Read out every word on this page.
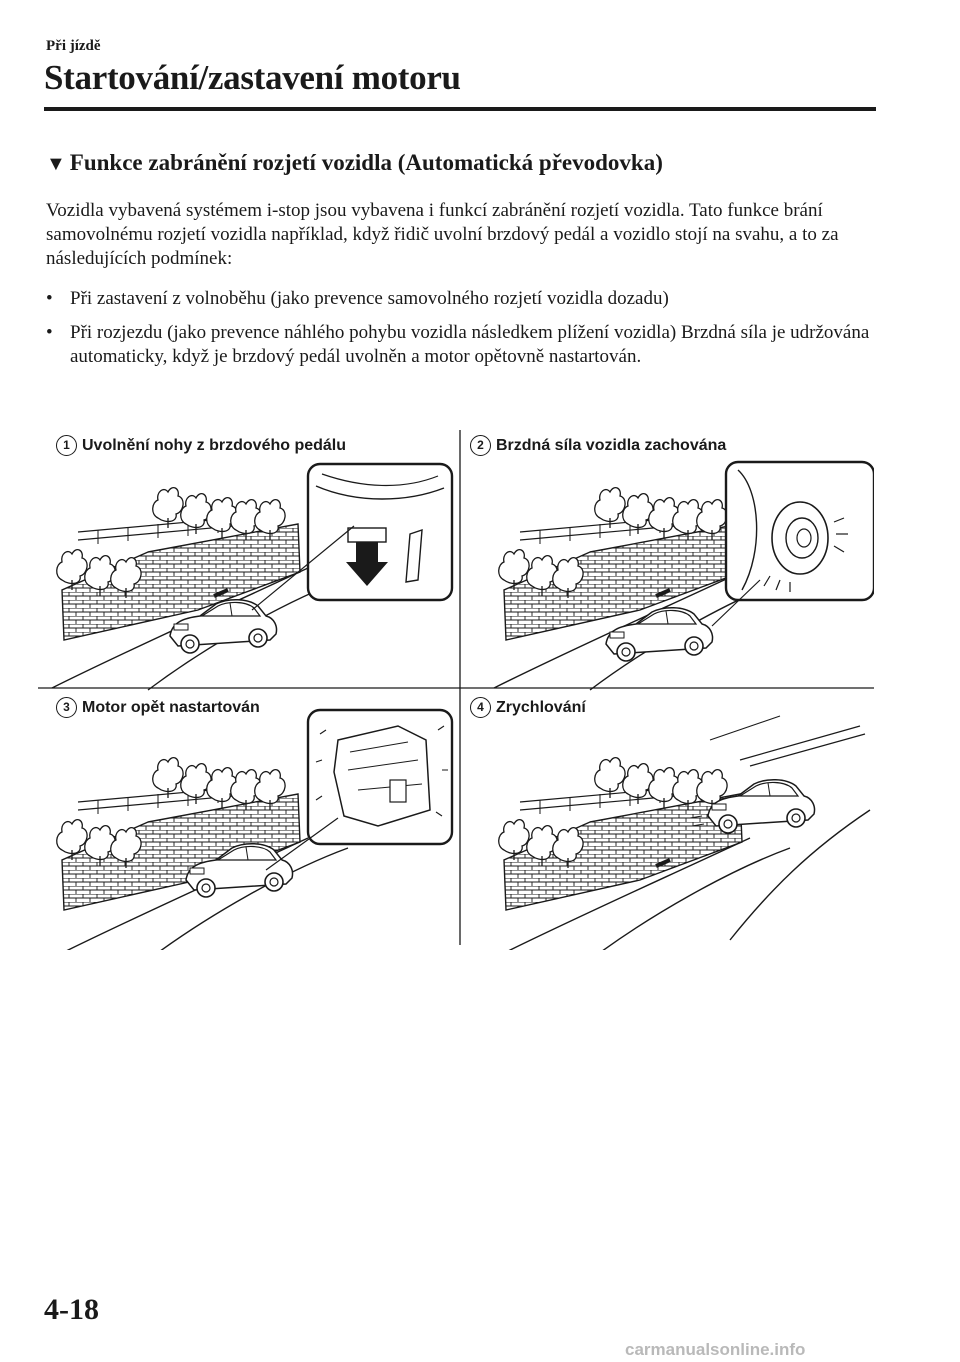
Při jízdě
Startování/zastavení motoru
▼ Funkce zabránění rozjetí vozidla (Automatická převodovka)
Vozidla vybavená systémem i-stop jsou vybavena i funkcí zabránění rozjetí vozidla. Tato funkce brání samovolnému rozjetí vozidla například, když řidič uvolní brzdový pedál a vozidlo stojí na svahu, a to za následujících podmínek:
• Při zastavení z volnoběhu (jako prevence samovolného rozjetí vozidla dozadu)
• Při rozjezdu (jako prevence náhlého pohybu vozidla následkem plížení vozidla) Brzdná síla je udržována automaticky, když je brzdový pedál uvolněn a motor opětovně nastartován.
1 Uvolnění nohy z brzdového pedálu	2 Brzdná síla vozidla zachována
3 Motor opět nastartován	4 Zrychlování
4-18
carmanualsonline.info
